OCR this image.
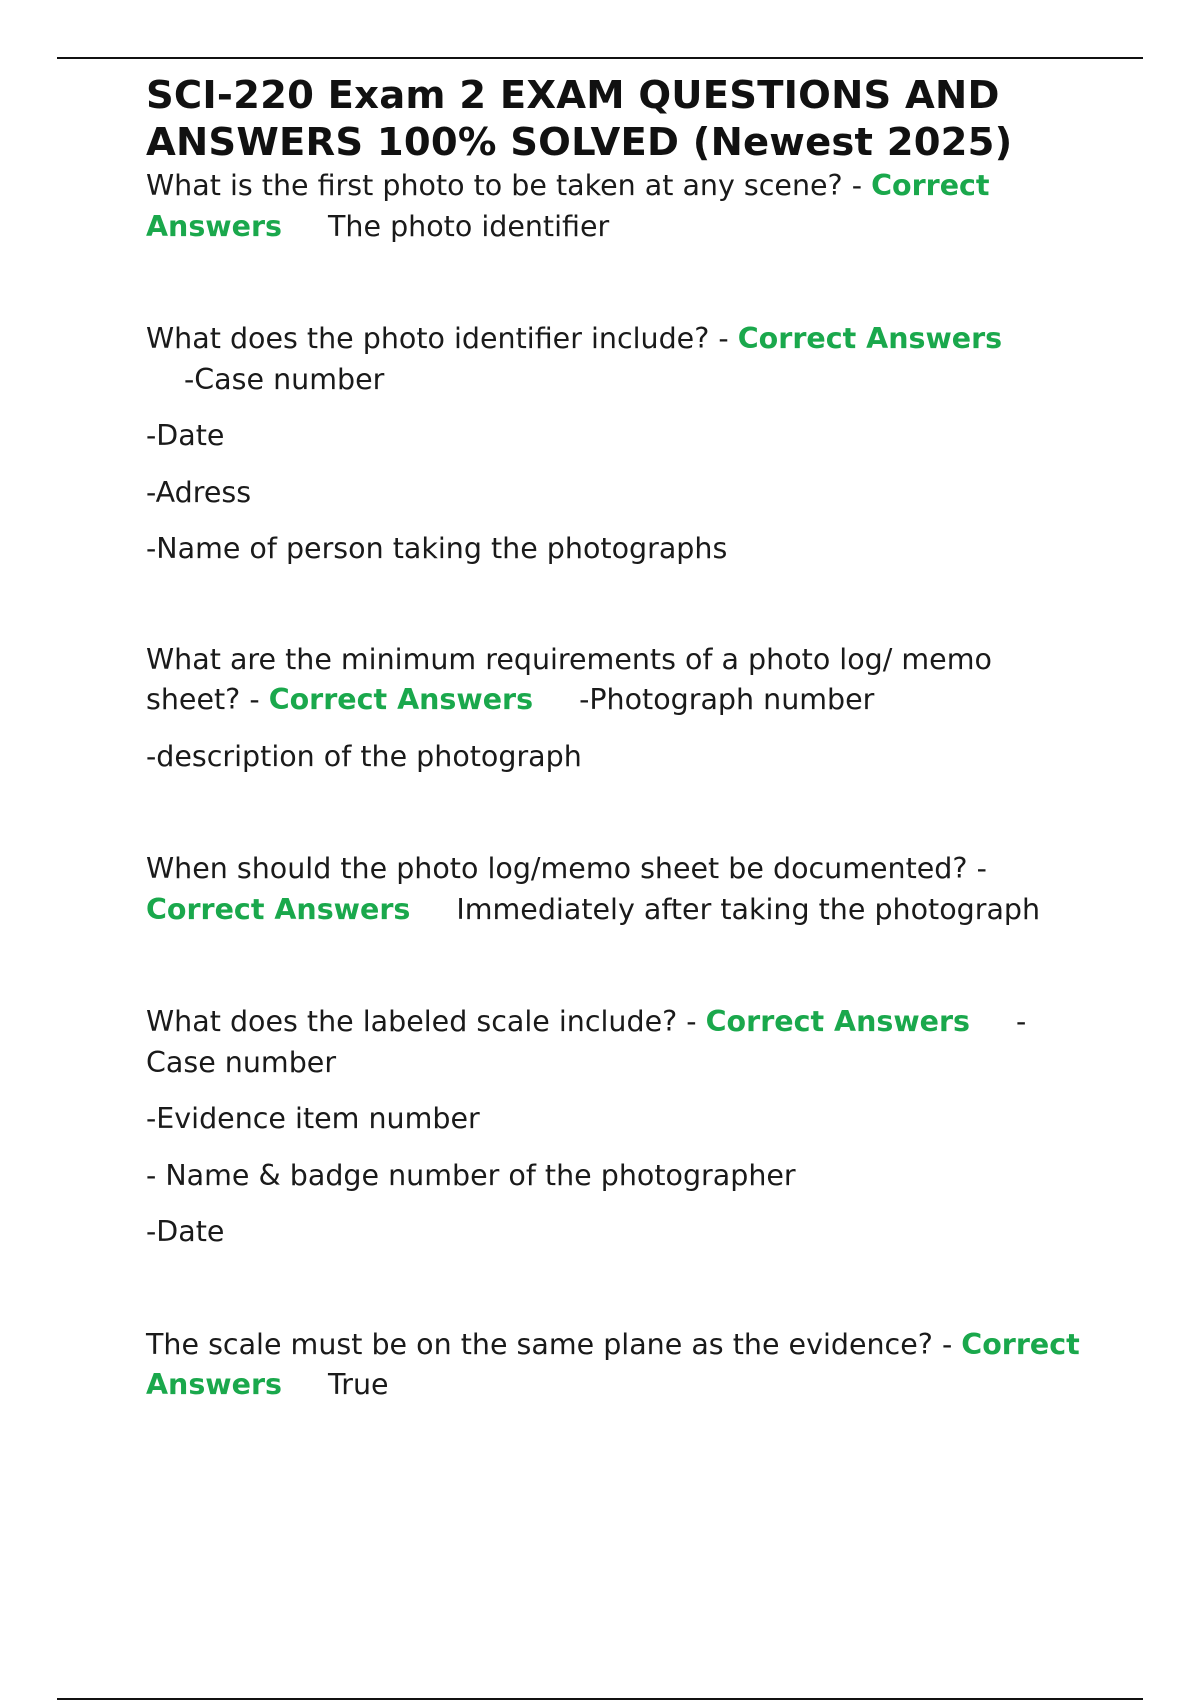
SCI-220 Exam 2 EXAM QUESTIONS AND ANSWERS 100% SOLVED (Newest 2025)

What is the first photo to be taken at any scene? - Correct Answers The photo identifier

What does the photo identifier include? - Correct Answers

-Case number

-Date

-Adress

-Name of person taking the photographs

What are the minimum requirements of a photo log/ memo sheet? - Correct Answers -Photograph number

-description of the photograph

When should the photo log/memo sheet be documented? - Correct Answers Immediately after taking the photograph

What does the labeled scale include? - Correct Answers -Case number

-Evidence item number

- Name & badge number of the photographer

-Date

The scale must be on the same plane as the evidence? - Correct Answers True
